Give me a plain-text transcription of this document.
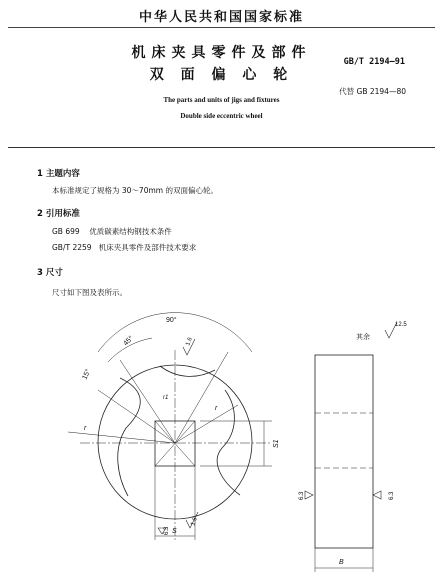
中华人民共和国国家标准
机床夹具零件及部件
双 面 偏 心 轮
GB/T 2194—91
代替 GB 2194—80
The parts and units of jigs and fixtures
Double side eccentric wheel
1 主题内容
本标准规定了规格为 30～70mm 的双面偏心轮。
2 引用标准
GB 699    优质碳素结构钢技术条件
GB/T 2259   机床夹具零件及部件技术要求
3 尺寸
尺寸如下图及表所示。
90°
45°
15°
1.6
1.6
6.3
r
r1
r
S1
S
其余
12.5
6.3	6.3
B
